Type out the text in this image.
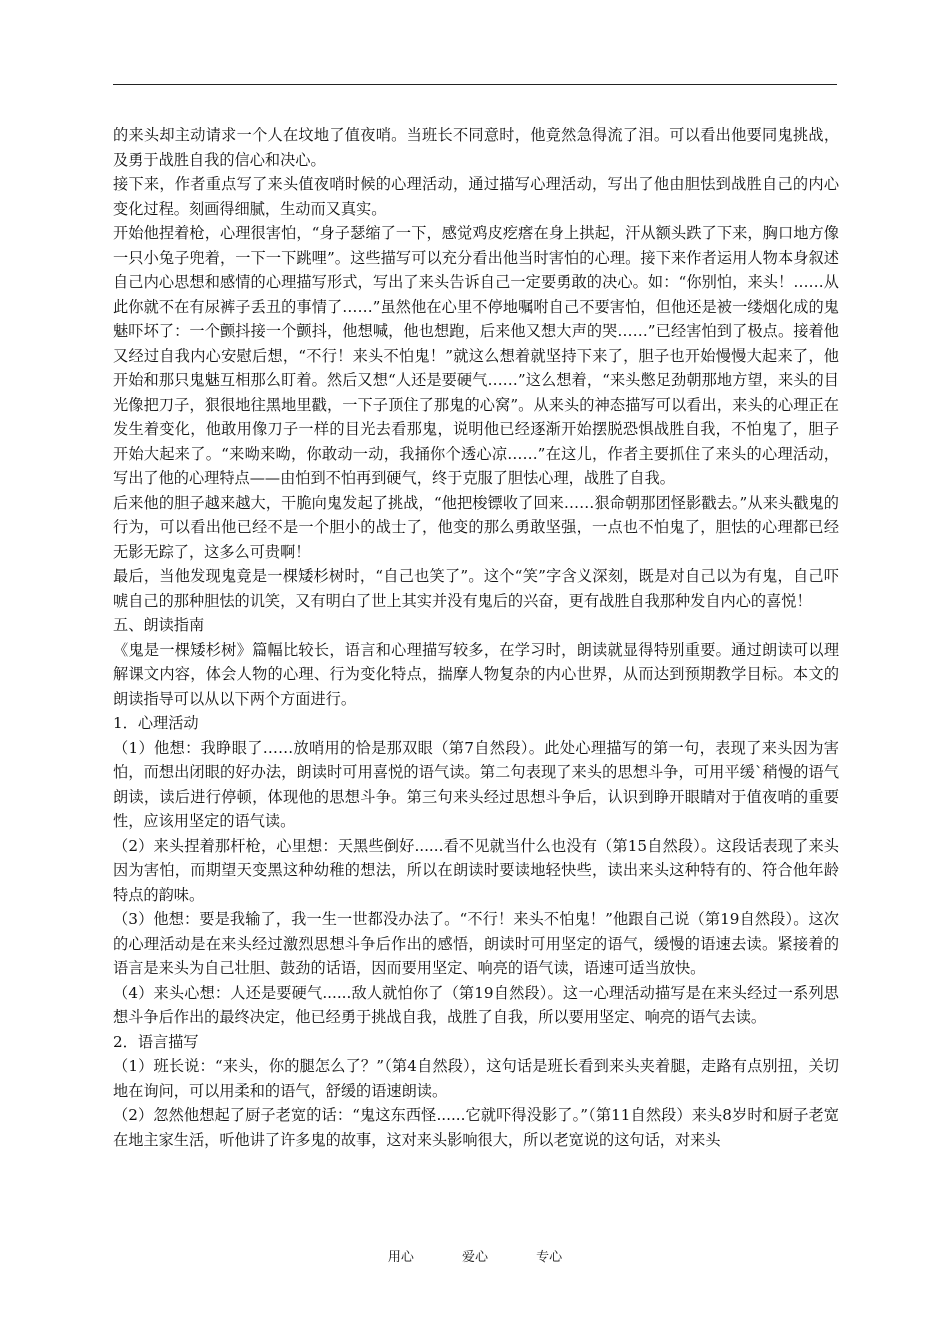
的来头却主动请求一个人在坟地了值夜哨。当班长不同意时，他竟然急得流了泪。可以看出他要同鬼挑战，及勇于战胜自我的信心和决心。

接下来，作者重点写了来头值夜哨时候的心理活动，通过描写心理活动，写出了他由胆怯到战胜自己的内心变化过程。刻画得细腻，生动而又真实。

开始他捏着枪，心理很害怕，“身子瑟缩了一下，感觉鸡皮疙瘩在身上拱起，汗从额头跌了下来，胸口地方像一只小兔子兜着，一下一下跳哩”。这些描写可以充分看出他当时害怕的心理。接下来作者运用人物本身叙述自己内心思想和感情的心理描写形式，写出了来头告诉自己一定要勇敢的决心。如：“你别怕，来头！……从此你就不在有尿裤子丢丑的事情了……”虽然他在心里不停地嘱咐自己不要害怕，但他还是被一缕烟化成的鬼魅吓坏了：一个颤抖接一个颤抖，他想喊，他也想跑，后来他又想大声的哭……”已经害怕到了极点。接着他又经过自我内心安慰后想，“不行！来头不怕鬼！”就这么想着就坚持下来了，胆子也开始慢慢大起来了，他开始和那只鬼魅互相那么盯着。然后又想“人还是要硬气……”这么想着，“来头憋足劲朝那地方望，来头的目光像把刀子，狠很地往黑地里戳，一下子顶住了那鬼的心窝”。从来头的神态描写可以看出，来头的心理正在发生着变化，他敢用像刀子一样的目光去看那鬼，说明他已经逐渐开始摆脱恐惧战胜自我，不怕鬼了，胆子开始大起来了。“来呦来呦，你敢动一动，我捅你个透心凉……”在这儿，作者主要抓住了来头的心理活动，写出了他的心理特点——由怕到不怕再到硬气，终于克服了胆怯心理，战胜了自我。

后来他的胆子越来越大，干脆向鬼发起了挑战，“他把梭镖收了回来……狠命朝那团怪影戳去。”从来头戳鬼的行为，可以看出他已经不是一个胆小的战士了，他变的那么勇敢坚强，一点也不怕鬼了，胆怯的心理都已经无影无踪了，这多么可贵啊！

最后，当他发现鬼竟是一棵矮杉树时，“自己也笑了”。这个“笑”字含义深刻，既是对自己以为有鬼，自己吓唬自己的那种胆怯的讥笑，又有明白了世上其实并没有鬼后的兴奋，更有战胜自我那种发自内心的喜悦！

五、朗读指南

《鬼是一棵矮杉树》篇幅比较长，语言和心理描写较多，在学习时，朗读就显得特别重要。通过朗读可以理解课文内容，体会人物的心理、行为变化特点，揣摩人物复杂的内心世界，从而达到预期教学目标。本文的朗读指导可以从以下两个方面进行。

1．心理活动

（1）他想：我睁眼了……放哨用的恰是那双眼（第7自然段）。此处心理描写的第一句，表现了来头因为害怕，而想出闭眼的好办法，朗读时可用喜悦的语气读。第二句表现了来头的思想斗争，可用平缓`稍慢的语气朗读，读后进行停顿，体现他的思想斗争。第三句来头经过思想斗争后，认识到睁开眼睛对于值夜哨的重要性，应该用坚定的语气读。

（2）来头捏着那杆枪，心里想：天黑些倒好......看不见就当什么也没有（第15自然段）。这段话表现了来头因为害怕，而期望天变黑这种幼稚的想法，所以在朗读时要读地轻快些，读出来头这种特有的、符合他年龄特点的韵味。

（3）他想：要是我输了，我一生一世都没办法了。“不行！来头不怕鬼！”他跟自己说（第19自然段）。这次的心理活动是在来头经过激烈思想斗争后作出的感悟，朗读时可用坚定的语气，缓慢的语速去读。紧接着的语言是来头为自己壮胆、鼓劲的话语，因而要用坚定、响亮的语气读，语速可适当放快。

（4）来头心想：人还是要硬气......敌人就怕你了（第19自然段）。这一心理活动描写是在来头经过一系列思想斗争后作出的最终决定，他已经勇于挑战自我，战胜了自我，所以要用坚定、响亮的语气去读。

2．语言描写

（1）班长说：“来头，你的腿怎么了？”（第4自然段），这句话是班长看到来头夹着腿，走路有点别扭，关切地在询问，可以用柔和的语气，舒缓的语速朗读。

（2）忽然他想起了厨子老宽的话：“鬼这东西怪......它就吓得没影了。”（第11自然段）来头8岁时和厨子老宽在地主家生活，听他讲了许多鬼的故事，这对来头影响很大，所以老宽说的这句话，对来头

用心	爱心	专心
